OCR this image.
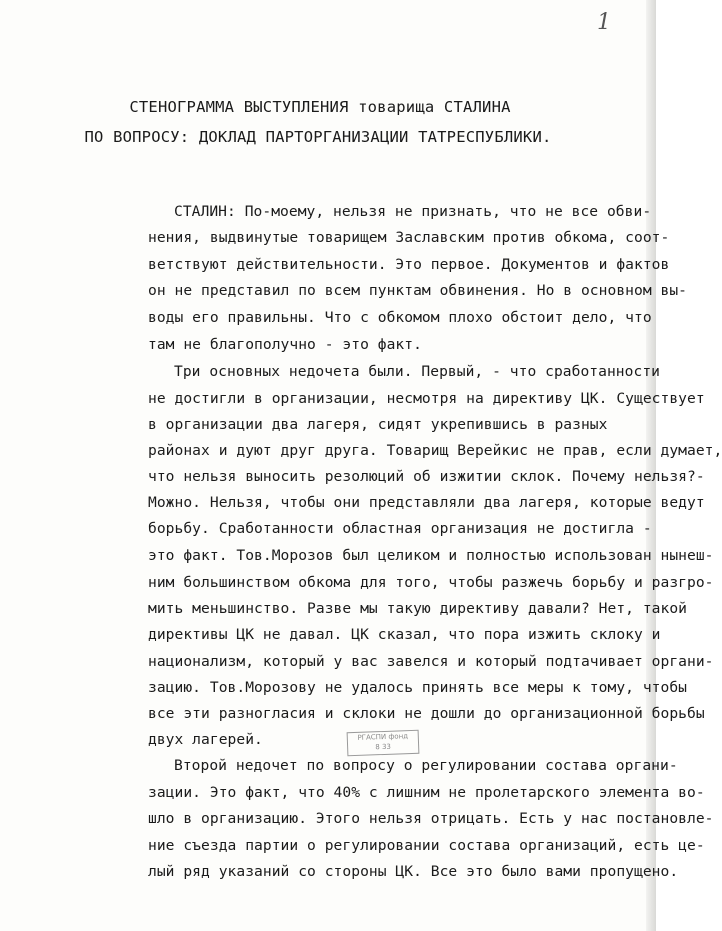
1
СТЕНОГРАММА ВЫСТУПЛЕНИЯ товарища СТАЛИНА
ПО ВОПРОСУ: ДОКЛАД ПАРТОРГАНИЗАЦИИ ТАТРЕСПУБЛИКИ.
СТАЛИН: По-моему, нельзя не признать, что не все обви-
нения, выдвинутые товарищем Заславским против обкома, соот-
ветствуют действительности. Это первое. Документов и фактов
он не представил по всем пунктам обвинения. Но в основном вы-
воды его правильны. Что с обкомом плохо обстоит дело, что
там не благополучно - это факт.
Три основных недочета были. Первый, - что сработанности
не достигли в организации, несмотря на директиву ЦК. Существует
в организации два лагеря, сидят укрепившись в разных
районах и дуют друг друга. Товарищ Верейкис не прав, если думает,
что нельзя выносить резолюций об изжитии склок. Почему нельзя?-
Можно. Нельзя, чтобы они представляли два лагеря, которые ведут
борьбу. Сработанности областная организация не достигла -
это факт. Тов.Морозов был целиком и полностью использован нынеш-
ним большинством обкома для того, чтобы разжечь борьбу и разгро-
мить меньшинство. Разве мы такую директиву давали? Нет, такой
директивы ЦК не давал. ЦК сказал, что пора изжить склоку и
национализм, который у вас завелся и который подтачивает органи-
зацию. Тов.Морозову не удалось принять все меры к тому, чтобы
все эти разногласия и склоки не дошли до организационной борьбы
двух лагерей.
Второй недочет по вопросу о регулировании состава органи-
зации. Это факт, что 40% с лишним не пролетарского элемента во-
шло в организацию. Этого нельзя отрицать. Есть у нас постановле-
ние съезда партии о регулировании состава организаций, есть це-
лый ряд указаний со стороны ЦК. Все это было вами пропущено.
РГАСПИ фонд
8 33
